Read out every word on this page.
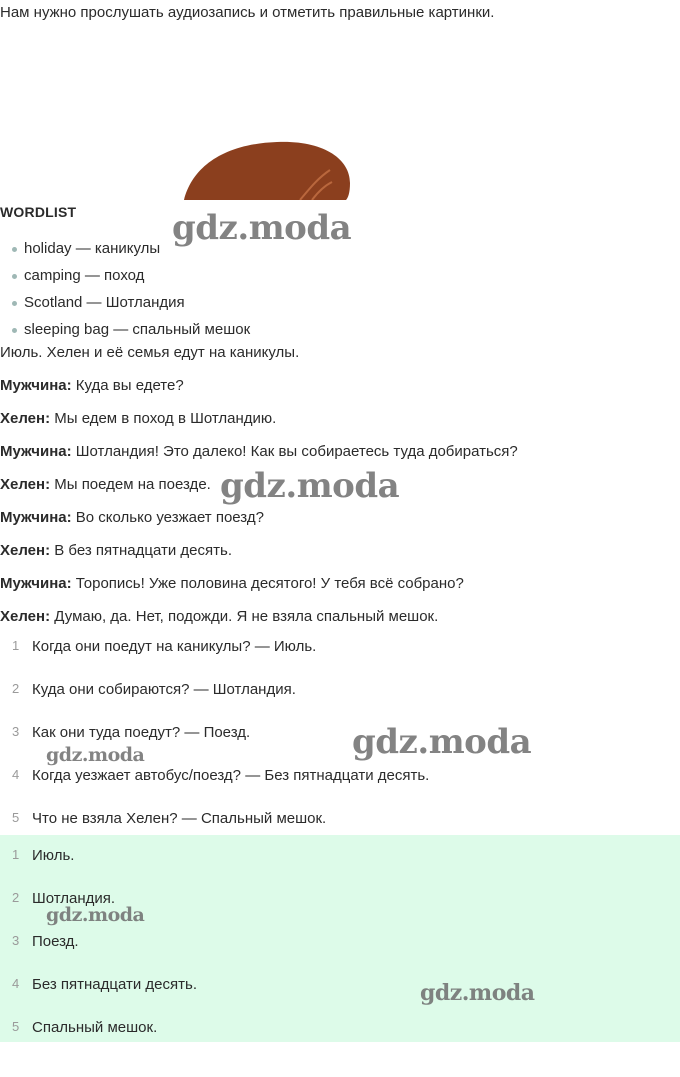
Нам нужно прослушать аудиозапись и отметить правильные картинки.
WORDLIST
holiday — каникулы
camping — поход
Scotland — Шотландия
sleeping bag — спальный мешок

Июль. Хелен и её семья едут на каникулы.

Мужчина: Куда вы едете?

Хелен: Мы едем в поход в Шотландию.

Мужчина: Шотландия! Это далеко! Как вы собираетесь туда добираться?

Хелен: Мы поедем на поезде.

Мужчина: Во сколько уезжает поезд?

Хелен: В без пятнадцати десять.

Мужчина: Торопись! Уже половина десятого! У тебя всё собрано?

Хелен: Думаю, да. Нет, подожди. Я не взяла спальный мешок.

1 Когда они поедут на каникулы? — Июль.
2 Куда они собираются? — Шотландия.
3 Как они туда поедут? — Поезд.
4 Когда уезжает автобус/поезд? — Без пятнадцати десять.
5 Что не взяла Хелен? — Спальный мешок.
1 Июль.
2 Шотландия.
3 Поезд.
4 Без пятнадцати десять.
5 Спальный мешок.
gdz.moda
gdz.moda
gdz.moda
gdz.moda
gdz.moda
gdz.moda
